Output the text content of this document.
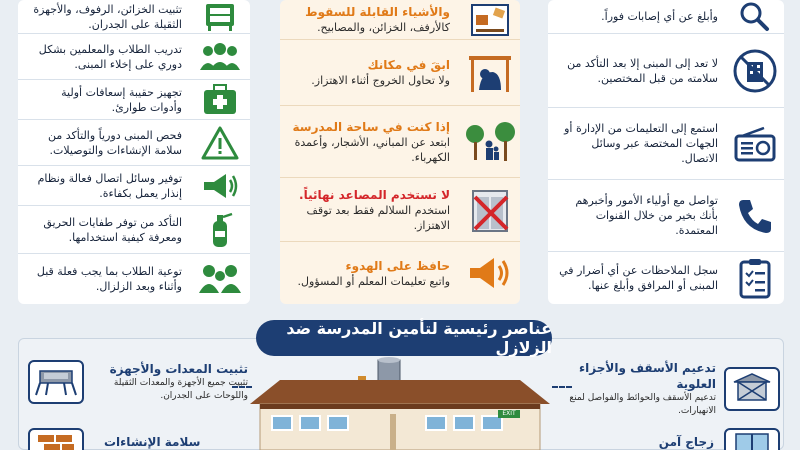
تثبيت الخزائن، الرفوف، والأجهزة الثقيلة على الجدران.
تدريب الطلاب والمعلمين بشكل دوري على إخلاء المبنى.
تجهيز حقيبة إسعافات أولية وأدوات طوارئ.
فحص المبنى دورياً والتأكد من سلامة الإنشاءات والتوصيلات.
توفير وسائل اتصال فعالة ونظام إنذار يعمل بكفاءة.
التأكد من توفر طفايات الحريق ومعرفة كيفية استخدامها.
توعية الطلاب بما يجب فعلة قبل وأثناء وبعد الزلزال.
والأشياء القابلة للسقوط
كالأرفف، الخزائن، والمصابيح.
ابقَ في مكانك
ولا تحاول الخروج أثناء الاهتزاز.
إذا كنت في ساحة المدرسة
ابتعد عن المباني، الأشجار، وأعمدة الكهرباء.
لا تستخدم المصاعد نهائياً.
استخدم السلالم فقط بعد توقف الاهتزاز.
حافظ على الهدوء
واتبع تعليمات المعلم أو المسؤول.
وأبلغ عن أي إصابات فوراً.
لا تعد إلى المبنى إلا بعد التأكد من سلامته من قبل المختصين.
استمع إلى التعليمات من الإدارة أو الجهات المختصة عبر وسائل الاتصال.
تواصل مع أولياء الأمور وأخبرهم بأنك بخير من خلال القنوات المعتمدة.
سجل الملاحظات عن أي أضرار في المبنى أو المرافق وأبلغ عنها.
عناصر رئيسية لتأمين المدرسة ضد الزلازل
تثبيت المعدات والأجهزة
تثبيت جميع الأجهزة والمعدات الثقيلة واللوحات على الجدران.
سلامة الإنشاءات
EXIT
تدعيم الأسقف والأجزاء العلوية
تدعيم الأسقف والحوائط والفواصل لمنع الانهيارات.
زجاج آمن
